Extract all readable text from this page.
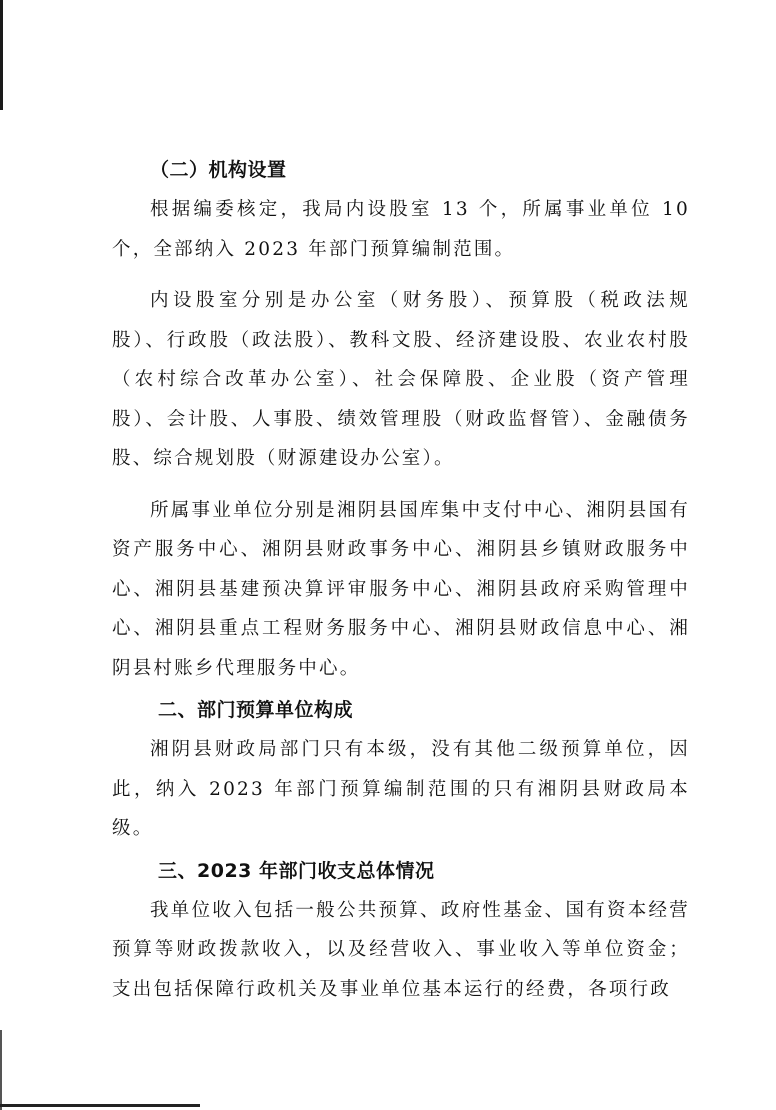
（二）机构设置

根据编委核定，我局内设股室 13 个，所属事业单位 10 个，全部纳入 2023 年部门预算编制范围。

内设股室分别是办公室（财务股）、预算股（税政法规股）、行政股（政法股）、教科文股、经济建设股、农业农村股（农村综合改革办公室）、社会保障股、企业股（资产管理股）、会计股、人事股、绩效管理股（财政监督管）、金融债务股、综合规划股（财源建设办公室）。

所属事业单位分别是湘阴县国库集中支付中心、湘阴县国有资产服务中心、湘阴县财政事务中心、湘阴县乡镇财政服务中心、湘阴县基建预决算评审服务中心、湘阴县政府采购管理中心、湘阴县重点工程财务服务中心、湘阴县财政信息中心、湘阴县村账乡代理服务中心。

二、部门预算单位构成

湘阴县财政局部门只有本级，没有其他二级预算单位，因此，纳入 2023 年部门预算编制范围的只有湘阴县财政局本级。

三、2023 年部门收支总体情况

我单位收入包括一般公共预算、政府性基金、国有资本经营预算等财政拨款收入，以及经营收入、事业收入等单位资金；支出包括保障行政机关及事业单位基本运行的经费，各项行政
